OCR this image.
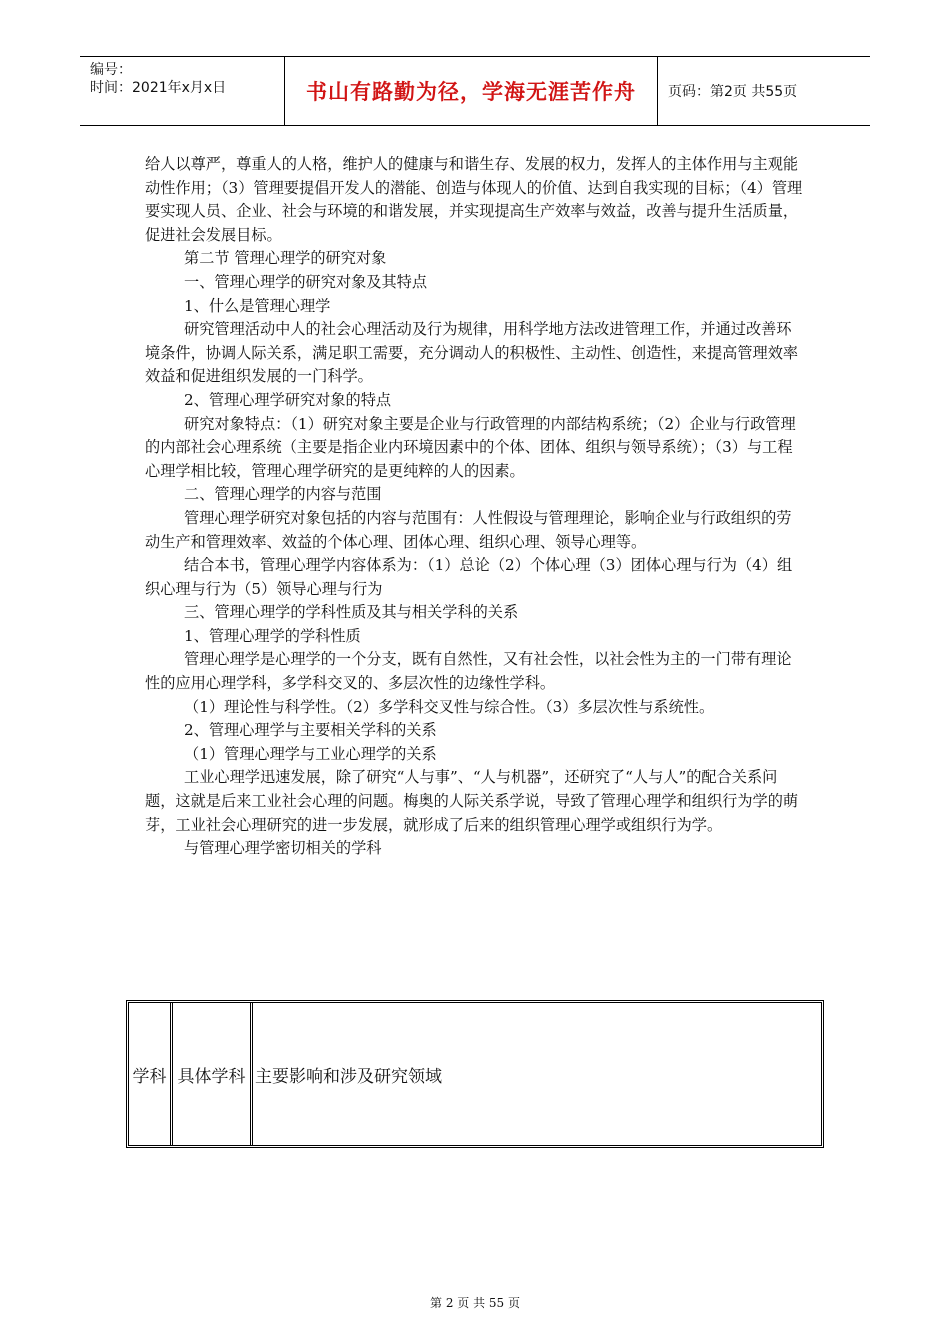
编号：
时间：2021年x月x日	书山有路勤为径，学海无涯苦作舟	页码：第2页 共55页

给人以尊严，尊重人的人格，维护人的健康与和谐生存、发展的权力，发挥人的主体作用与主观能动性作用；（3）管理要提倡开发人的潜能、创造与体现人的价值、达到自我实现的目标；（4）管理要实现人员、企业、社会与环境的和谐发展，并实现提高生产效率与效益，改善与提升生活质量，促进社会发展目标。

第二节 管理心理学的研究对象

一、管理心理学的研究对象及其特点

1、什么是管理心理学

研究管理活动中人的社会心理活动及行为规律，用科学地方法改进管理工作，并通过改善环境条件，协调人际关系，满足职工需要，充分调动人的积极性、主动性、创造性，来提高管理效率效益和促进组织发展的一门科学。

2、管理心理学研究对象的特点

研究对象特点：（1）研究对象主要是企业与行政管理的内部结构系统；（2）企业与行政管理的内部社会心理系统（主要是指企业内环境因素中的个体、团体、组织与领导系统）；（3）与工程心理学相比较，管理心理学研究的是更纯粹的人的因素。

二、管理心理学的内容与范围

管理心理学研究对象包括的内容与范围有：人性假设与管理理论，影响企业与行政组织的劳动生产和管理效率、效益的个体心理、团体心理、组织心理、领导心理等。

结合本书，管理心理学内容体系为：（1）总论（2）个体心理（3）团体心理与行为（4）组织心理与行为（5）领导心理与行为

三、管理心理学的学科性质及其与相关学科的关系

1、管理心理学的学科性质

管理心理学是心理学的一个分支，既有自然性，又有社会性，以社会性为主的一门带有理论性的应用心理学科，多学科交叉的、多层次性的边缘性学科。

（1）理论性与科学性。（2）多学科交叉性与综合性。（3）多层次性与系统性。

2、管理心理学与主要相关学科的关系

（1）管理心理学与工业心理学的关系

工业心理学迅速发展，除了研究“人与事”、“人与机器”，还研究了“人与人”的配合关系问题，这就是后来工业社会心理的问题。梅奥的人际关系学说，导致了管理心理学和组织行为学的萌芽，工业社会心理研究的进一步发展，就形成了后来的组织管理心理学或组织行为学。

与管理心理学密切相关的学科

学科 具体学科 主要影响和涉及研究领域
第 2 页 共 55 页
